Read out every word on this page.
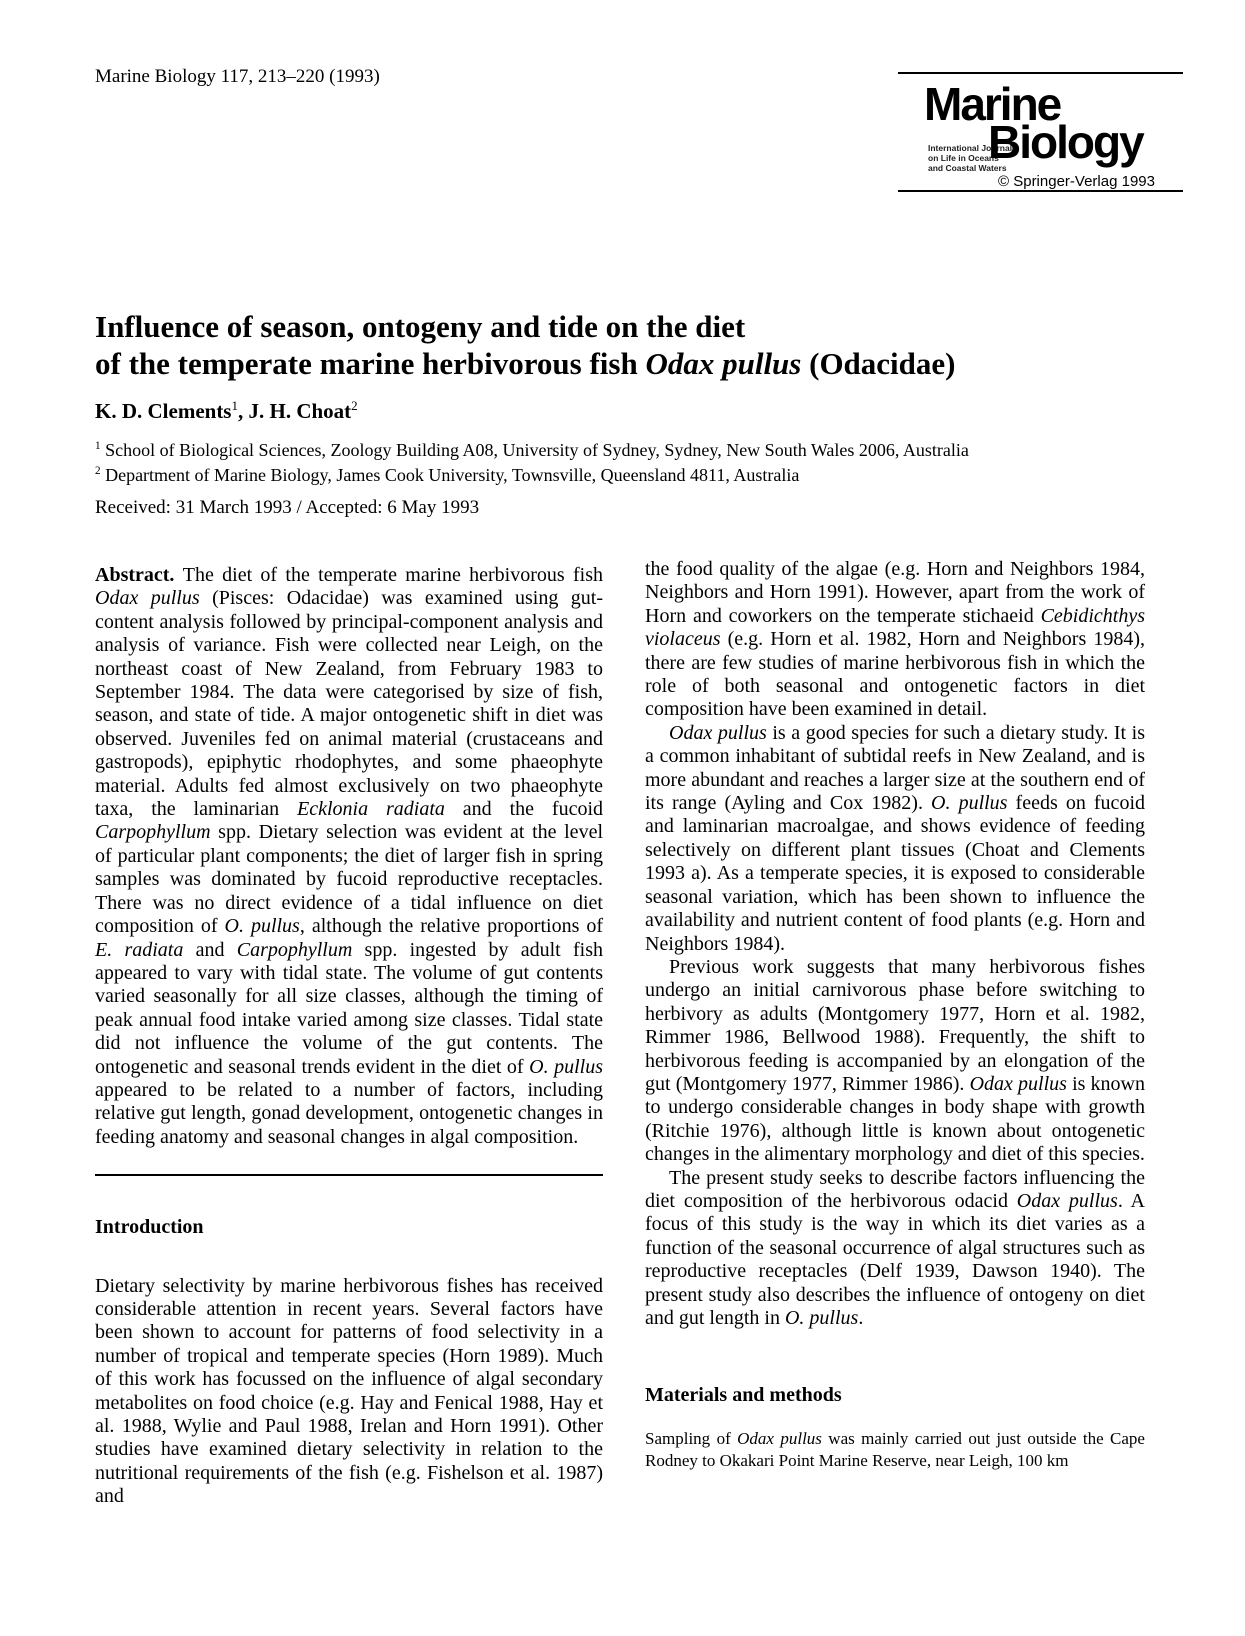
Marine Biology 117, 213–220 (1993)
Marine
International Journal
on Life in Oceans
and Coastal Waters
Biology
© Springer-Verlag 1993
Influence of season, ontogeny and tide on the diet
of the temperate marine herbivorous fish Odax pullus (Odacidae)
K. D. Clements$^1$, J. H. Choat$^2$
$^1$ School of Biological Sciences, Zoology Building A08, University of Sydney, Sydney, New South Wales 2006, Australia
$^2$ Department of Marine Biology, James Cook University, Townsville, Queensland 4811, Australia
Received: 31 March 1993 / Accepted: 6 May 1993

Abstract. The diet of the temperate marine herbivorous fish Odax pullus (Pisces: Odacidae) was examined using gut-content analysis followed by principal-component analysis and analysis of variance. Fish were collected near Leigh, on the northeast coast of New Zealand, from February 1983 to September 1984. The data were categorised by size of fish, season, and state of tide. A major ontogenetic shift in diet was observed. Juveniles fed on animal material (crustaceans and gastropods), epiphytic rhodophytes, and some phaeophyte material. Adults fed almost exclusively on two phaeophyte taxa, the laminarian Ecklonia radiata and the fucoid Carpophyllum spp. Dietary selection was evident at the level of particular plant components; the diet of larger fish in spring samples was dominated by fucoid reproductive receptacles. There was no direct evidence of a tidal influence on diet composition of O. pullus, although the relative proportions of E. radiata and Carpophyllum spp. ingested by adult fish appeared to vary with tidal state. The volume of gut contents varied seasonally for all size classes, although the timing of peak annual food intake varied among size classes. Tidal state did not influence the volume of the gut contents. The ontogenetic and seasonal trends evident in the diet of O. pullus appeared to be related to a number of factors, including relative gut length, gonad development, ontogenetic changes in feeding anatomy and seasonal changes in algal composition.

Introduction

Dietary selectivity by marine herbivorous fishes has received considerable attention in recent years. Several factors have been shown to account for patterns of food selectivity in a number of tropical and temperate species (Horn 1989). Much of this work has focussed on the influence of algal secondary metabolites on food choice (e.g. Hay and Fenical 1988, Hay et al. 1988, Wylie and Paul 1988, Irelan and Horn 1991). Other studies have examined dietary selectivity in relation to the nutritional requirements of the fish (e.g. Fishelson et al. 1987) and

the food quality of the algae (e.g. Horn and Neighbors 1984, Neighbors and Horn 1991). However, apart from the work of Horn and coworkers on the temperate stichaeid Cebidichthys violaceus (e.g. Horn et al. 1982, Horn and Neighbors 1984), there are few studies of marine herbivorous fish in which the role of both seasonal and ontogenetic factors in diet composition have been examined in detail.

Odax pullus is a good species for such a dietary study. It is a common inhabitant of subtidal reefs in New Zealand, and is more abundant and reaches a larger size at the southern end of its range (Ayling and Cox 1982). O. pullus feeds on fucoid and laminarian macroalgae, and shows evidence of feeding selectively on different plant tissues (Choat and Clements 1993 a). As a temperate species, it is exposed to considerable seasonal variation, which has been shown to influence the availability and nutrient content of food plants (e.g. Horn and Neighbors 1984).

Previous work suggests that many herbivorous fishes undergo an initial carnivorous phase before switching to herbivory as adults (Montgomery 1977, Horn et al. 1982, Rimmer 1986, Bellwood 1988). Frequently, the shift to herbivorous feeding is accompanied by an elongation of the gut (Montgomery 1977, Rimmer 1986). Odax pullus is known to undergo considerable changes in body shape with growth (Ritchie 1976), although little is known about ontogenetic changes in the alimentary morphology and diet of this species.

The present study seeks to describe factors influencing the diet composition of the herbivorous odacid Odax pullus. A focus of this study is the way in which its diet varies as a function of the seasonal occurrence of algal structures such as reproductive receptacles (Delf 1939, Dawson 1940). The present study also describes the influence of ontogeny on diet and gut length in O. pullus.

Materials and methods

Sampling of Odax pullus was mainly carried out just outside the Cape Rodney to Okakari Point Marine Reserve, near Leigh, 100 km
